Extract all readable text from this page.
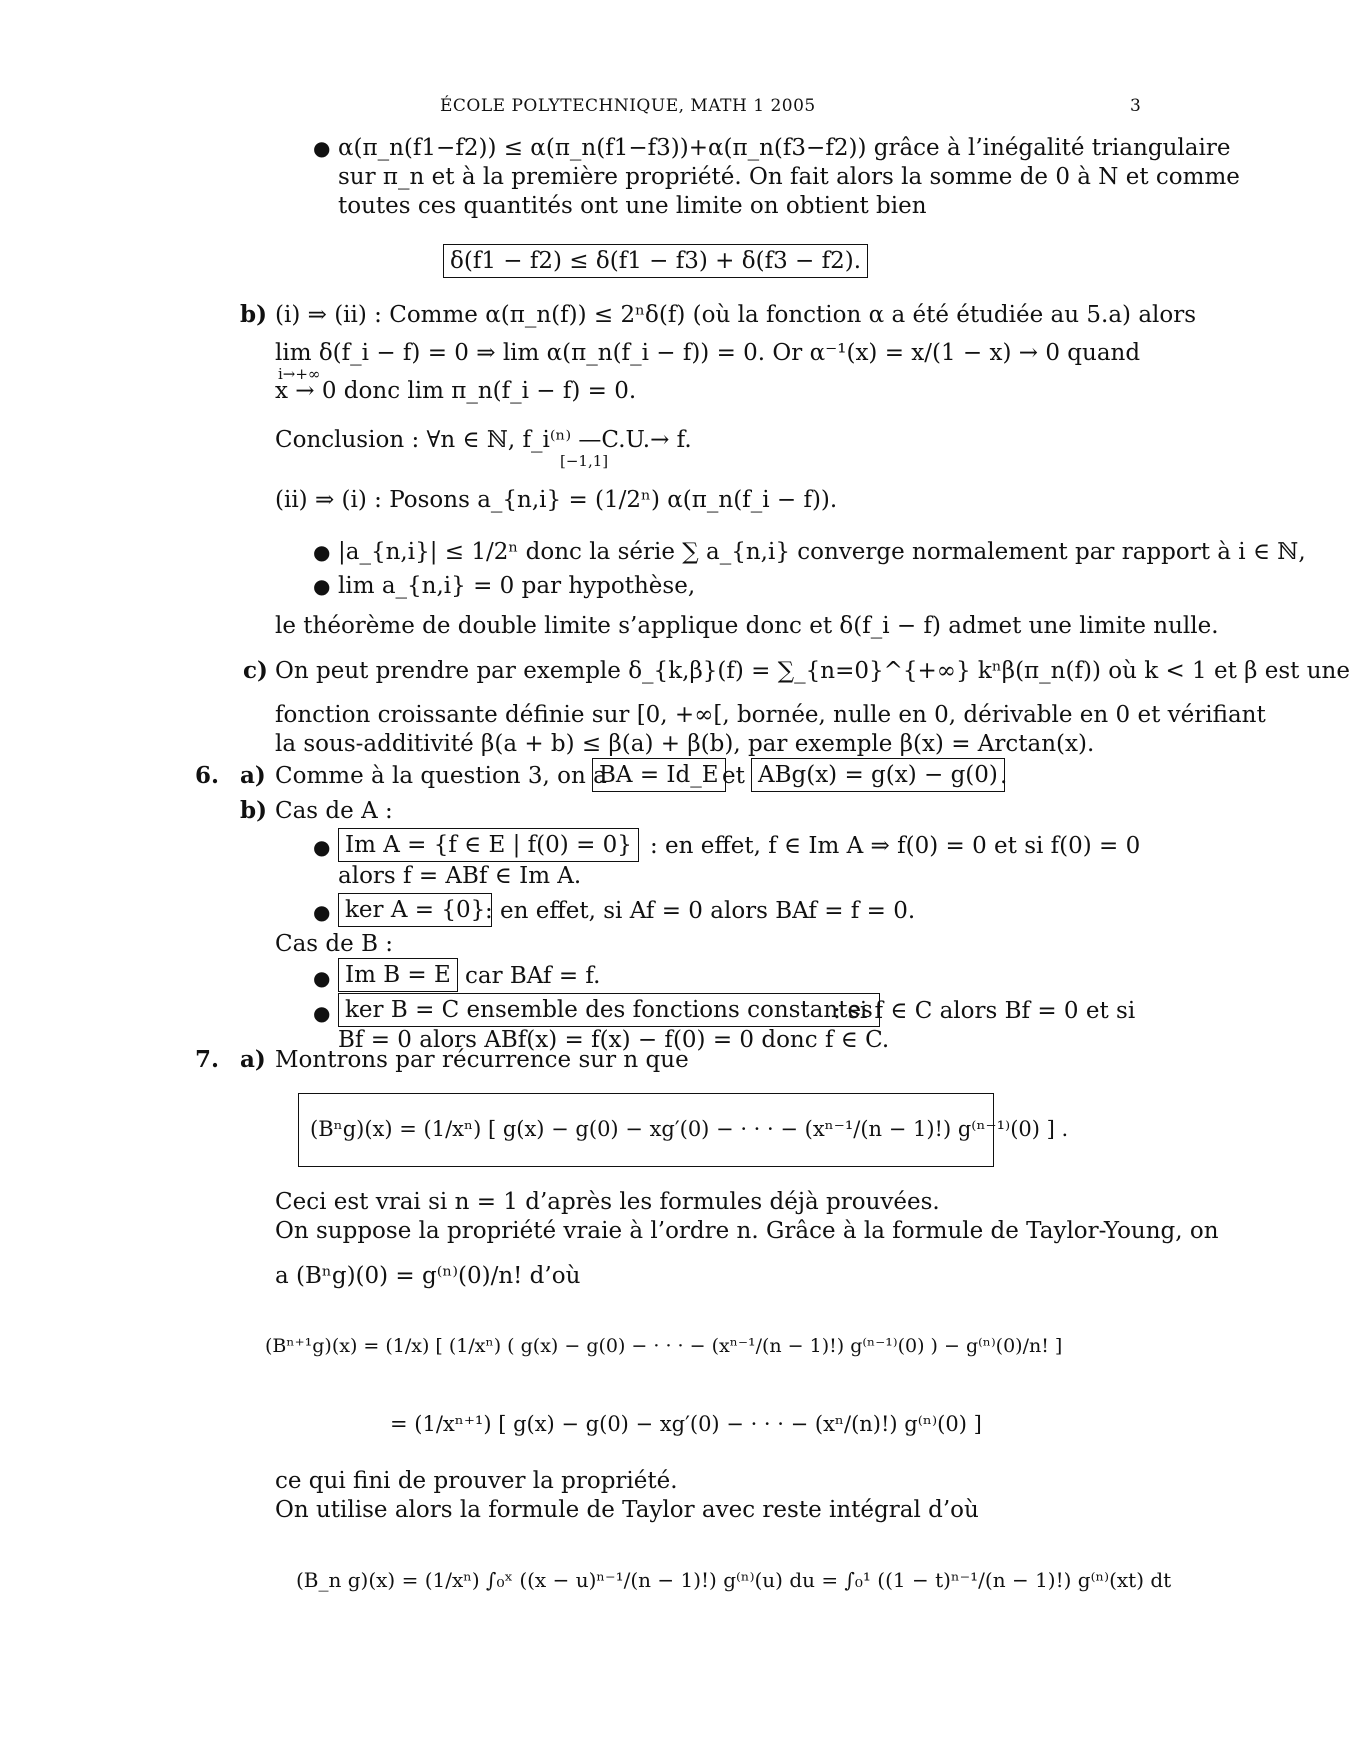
ÉCOLE POLYTECHNIQUE, MATH 1 2005	3
● α(π_n(f1−f2)) ≤ α(π_n(f1−f3))+α(π_n(f3−f2)) grâce à l’inégalité triangulaire
sur π_n et à la première propriété. On fait alors la somme de 0 à N et comme
toutes ces quantités ont une limite on obtient bien
δ(f1 − f2) ≤ δ(f1 − f3) + δ(f3 − f2).
b) (i) ⇒ (ii) : Comme α(π_n(f)) ≤ 2ⁿδ(f) (où la fonction α a été étudiée au 5.a) alors
lim δ(f_i − f) = 0 ⇒ lim α(π_n(f_i − f)) = 0. Or α⁻¹(x) = x/(1 − x) → 0 quand
i→+∞
x → 0 donc lim π_n(f_i − f) = 0.
Conclusion : ∀n ∈ ℕ, f_i⁽ⁿ⁾ —C.U.→ f.
[−1,1]
(ii) ⇒ (i) : Posons a_{n,i} = (1/2ⁿ) α(π_n(f_i − f)).
● |a_{n,i}| ≤ 1/2ⁿ donc la série ∑ a_{n,i} converge normalement par rapport à i ∈ ℕ,
● lim a_{n,i} = 0 par hypothèse,
le théorème de double limite s’applique donc et δ(f_i − f) admet une limite nulle.
c) On peut prendre par exemple δ_{k,β}(f) = ∑_{n=0}^{+∞} kⁿβ(π_n(f)) où k < 1 et β est une
fonction croissante définie sur [0, +∞[, bornée, nulle en 0, dérivable en 0 et vérifiant
la sous-additivité β(a + b) ≤ β(a) + β(b), par exemple β(x) = Arctan(x).
6. a) Comme à la question 3, on a
BA = Id_E et ABg(x) = g(x) − g(0) .
b) Cas de A :
● Im A = {f ∈ E | f(0) = 0} : en effet, f ∈ Im A ⇒ f(0) = 0 et si f(0) = 0
alors f = ABf ∈ Im A.
● ker A = {0} : en effet, si Af = 0 alors BAf = f = 0.
Cas de B :
● Im B = E car BAf = f.
● ker B = C ensemble des fonctions constantes
: si f ∈ C alors Bf = 0 et si
Bf = 0 alors ABf(x) = f(x) − f(0) = 0 donc f ∈ C.
7. a) Montrons par récurrence sur n que
(Bⁿg)(x) = (1/xⁿ) [ g(x) − g(0) − xg′(0) − · · · − (xⁿ⁻¹/(n − 1)!) g⁽ⁿ⁻¹⁾(0) ] .
Ceci est vrai si n = 1 d’après les formules déjà prouvées.
On suppose la propriété vraie à l’ordre n. Grâce à la formule de Taylor-Young, on
a (Bⁿg)(0) = g⁽ⁿ⁾(0)/n! d’où
(Bⁿ⁺¹g)(x) = (1/x) [ (1/xⁿ) ( g(x) − g(0) − · · · − (xⁿ⁻¹/(n − 1)!) g⁽ⁿ⁻¹⁾(0) ) − g⁽ⁿ⁾(0)/n! ]
= (1/xⁿ⁺¹) [ g(x) − g(0) − xg′(0) − · · · − (xⁿ/(n)!) g⁽ⁿ⁾(0) ]
ce qui fini de prouver la propriété.
On utilise alors la formule de Taylor avec reste intégral d’où
(B_n g)(x) = (1/xⁿ) ∫₀ˣ ((x − u)ⁿ⁻¹/(n − 1)!) g⁽ⁿ⁾(u) du = ∫₀¹ ((1 − t)ⁿ⁻¹/(n − 1)!) g⁽ⁿ⁾(xt) dt
